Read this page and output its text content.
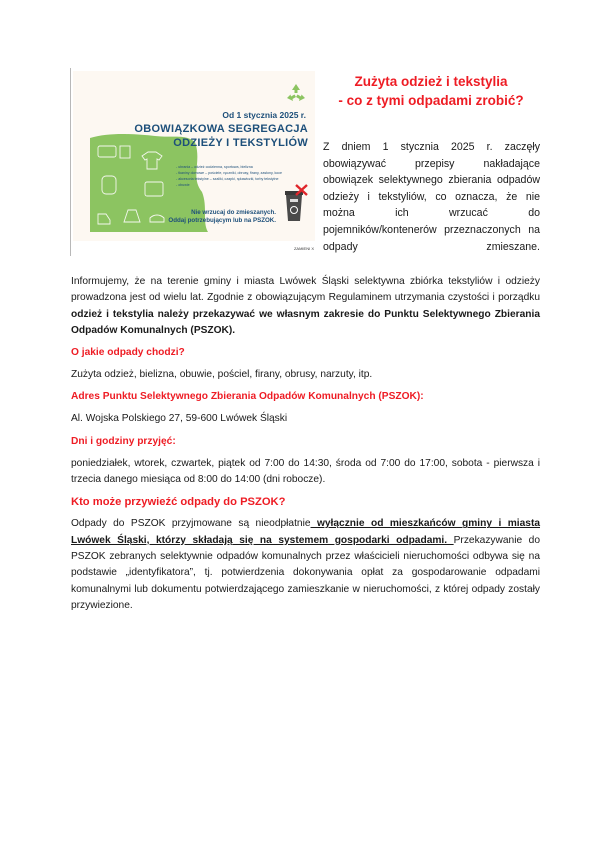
Od 1 stycznia 2025 r.
OBOWIĄZKOWA SEGREGACJA
ODZIEŻY I TEKSTYLIÓW
- ubrania – odzież codzienna, sportowa, bielizna
- tkaniny domowe – pościele, ręczniki, obrusy, firany, zasłony, koce
- akcesoria tekstylne – szaliki, czapki, rękawiczki, torby tekstylne
- obuwie
Nie wrzucaj do zmieszanych.
Oddaj potrzebującym lub na PSZOK.
ZAMIENI X
Zużyta odzież i tekstylia
- co z tymi odpadami zrobić?
Z dniem 1 stycznia 2025 r. zaczęły obowiązywać przepisy nakładające obowiązek selektywnego zbierania odpadów odzieży i tekstyliów, co oznacza, że nie można ich wrzucać do pojemników/kontenerów przeznaczonych na odpady zmieszane.

Informujemy, że na terenie gminy i miasta Lwówek Śląski selektywna zbiórka tekstyliów i odzieży prowadzona jest od wielu lat. Zgodnie z obowiązującym Regulaminem utrzymania czystości i porządku odzież i tekstylia należy przekazywać we własnym zakresie do Punktu Selektywnego Zbierania Odpadów Komunalnych (PSZOK).

O jakie odpady chodzi?

Zużyta odzież, bielizna, obuwie, pościel, firany, obrusy, narzuty, itp.

Adres Punktu Selektywnego Zbierania Odpadów Komunalnych (PSZOK):

Al. Wojska Polskiego 27, 59-600 Lwówek Śląski

Dni i godziny przyjęć:

poniedziałek, wtorek, czwartek, piątek od 7:00 do 14:30, środa od 7:00 do 17:00, sobota - pierwsza i trzecia danego miesiąca od 8:00 do 14:00 (dni robocze).

Kto może przywieźć odpady do PSZOK?

Odpady do PSZOK przyjmowane są nieodpłatnie wyłącznie od mieszkańców gminy i miasta Lwówek Śląski, którzy składają się na systemem gospodarki odpadami. Przekazywanie do PSZOK zebranych selektywnie odpadów komunalnych przez właścicieli nieruchomości odbywa się na podstawie „identyfikatora”, tj. potwierdzenia dokonywania opłat za gospodarowanie odpadami komunalnymi lub dokumentu potwierdzającego zamieszkanie w nieruchomości, z której odpady zostały przywiezione.
